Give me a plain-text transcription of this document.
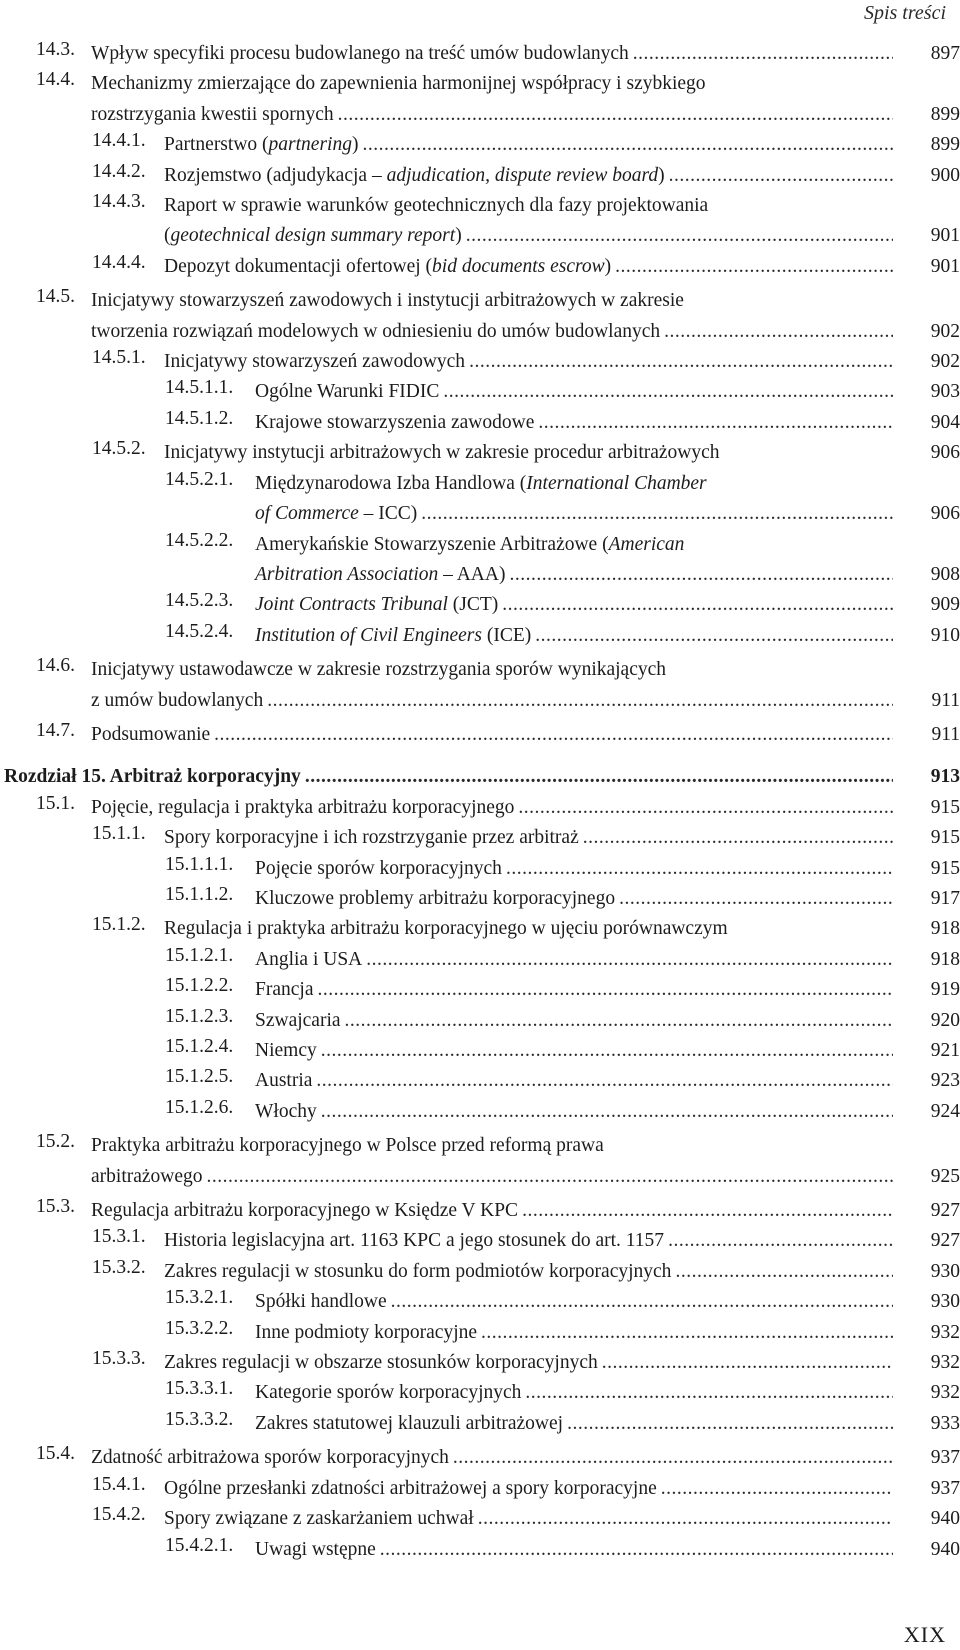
Spis treści
14.3. Wpływ specyfiki procesu budowlanego na treść umów budowlanych .....	897
14.4. Mechanizmy zmierzające do zapewnienia harmonijnej współpracy i szybkiego
rozstrzygania kwestii spornych .....	899
14.4.1. Partnerstwo (partnering) .....	899
14.4.2. Rozjemstwo (adjudykacja – adjudication, dispute review board) .....	900
14.4.3. Raport w sprawie warunków geotechnicznych dla fazy projektowania
(geotechnical design summary report) .....	901
14.4.4. Depozyt dokumentacji ofertowej (bid documents escrow) .....	901
14.5. Inicjatywy stowarzyszeń zawodowych i instytucji arbitrażowych w zakresie
tworzenia rozwiązań modelowych w odniesieniu do umów budowlanych .....	902
14.5.1. Inicjatywy stowarzyszeń zawodowych .....	902
14.5.1.1. Ogólne Warunki FIDIC .....	903
14.5.1.2. Krajowe stowarzyszenia zawodowe .....	904
14.5.2. Inicjatywy instytucji arbitrażowych w zakresie procedur arbitrażowych	906
14.5.2.1. Międzynarodowa Izba Handlowa (International Chamber
of Commerce – ICC) .....	906
14.5.2.2. Amerykańskie Stowarzyszenie Arbitrażowe (American
Arbitration Association – AAA) .....	908
14.5.2.3. Joint Contracts Tribunal (JCT) .....	909
14.5.2.4. Institution of Civil Engineers (ICE) .....	910
14.6. Inicjatywy ustawodawcze w zakresie rozstrzygania sporów wynikających
z umów budowlanych .....	911
14.7. Podsumowanie .....	911
Rozdział 15. Arbitraż korporacyjny .....	913
15.1. Pojęcie, regulacja i praktyka arbitrażu korporacyjnego .....	915
15.1.1. Spory korporacyjne i ich rozstrzyganie przez arbitraż .....	915
15.1.1.1. Pojęcie sporów korporacyjnych .....	915
15.1.1.2. Kluczowe problemy arbitrażu korporacyjnego .....	917
15.1.2. Regulacja i praktyka arbitrażu korporacyjnego w ujęciu porównawczym	918
15.1.2.1. Anglia i USA .....	918
15.1.2.2. Francja .....	919
15.1.2.3. Szwajcaria .....	920
15.1.2.4. Niemcy .....	921
15.1.2.5. Austria .....	923
15.1.2.6. Włochy .....	924
15.2. Praktyka arbitrażu korporacyjnego w Polsce przed reformą prawa
arbitrażowego .....	925
15.3. Regulacja arbitrażu korporacyjnego w Księdze V KPC .....	927
15.3.1. Historia legislacyjna art. 1163 KPC a jego stosunek do art. 1157 .....	927
15.3.2. Zakres regulacji w stosunku do form podmiotów korporacyjnych .....	930
15.3.2.1. Spółki handlowe .....	930
15.3.2.2. Inne podmioty korporacyjne .....	932
15.3.3. Zakres regulacji w obszarze stosunków korporacyjnych .....	932
15.3.3.1. Kategorie sporów korporacyjnych .....	932
15.3.3.2. Zakres statutowej klauzuli arbitrażowej .....	933
15.4. Zdatność arbitrażowa sporów korporacyjnych .....	937
15.4.1. Ogólne przesłanki zdatności arbitrażowej a spory korporacyjne .....	937
15.4.2. Spory związane z zaskarżaniem uchwał .....	940
15.4.2.1. Uwagi wstępne .....	940
XIX
